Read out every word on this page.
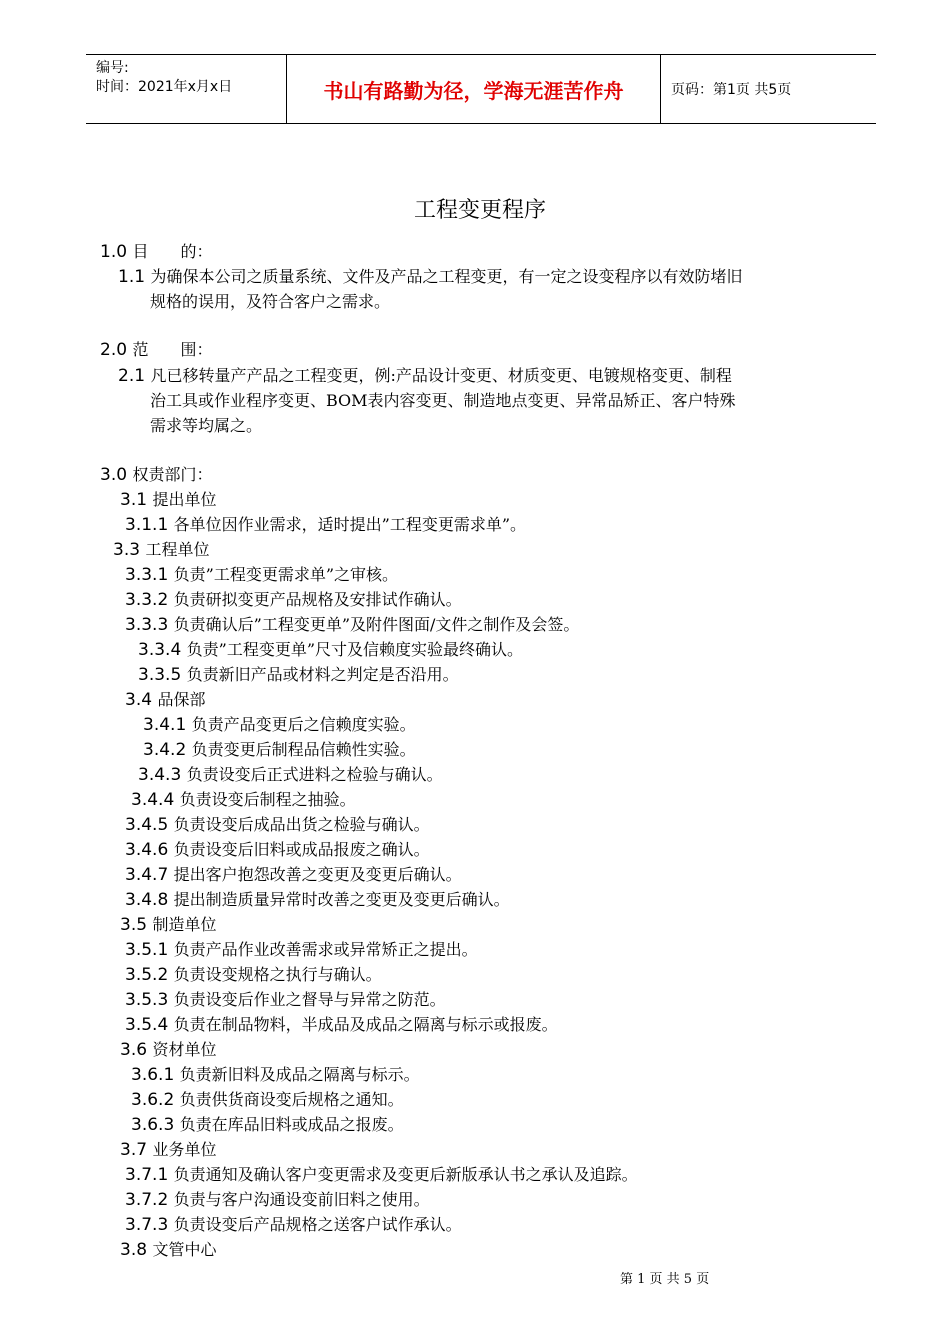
编号:
时间：2021年x月x日	书山有路勤为径，学海无涯苦作舟	页码：第1页 共5页
工程变更程序
1.0 目　　的：
1.1 为确保本公司之质量系统、文件及产品之工程变更，有一定之设变程序以有效防堵旧
规格的误用，及符合客户之需求。
2.0 范　　围：
2.1 凡已移转量产产品之工程变更，例:产品设计变更、材质变更、电镀规格变更、制程
治工具或作业程序变更、BOM表内容变更、制造地点变更、异常品矫正、客户特殊
需求等均属之。
3.0 权责部门：
3.1 提出单位
3.1.1 各单位因作业需求，适时提出”工程变更需求单”。
3.3 工程单位
3.3.1 负责”工程变更需求单”之审核。
3.3.2 负责研拟变更产品规格及安排试作确认。
3.3.3 负责确认后”工程变更单”及附件图面/文件之制作及会签。
3.3.4 负责”工程变更单”尺寸及信赖度实验最终确认。
3.3.5 负责新旧产品或材料之判定是否沿用。
3.4 品保部
3.4.1 负责产品变更后之信赖度实验。
3.4.2 负责变更后制程品信赖性实验。
3.4.3 负责设变后正式进料之检验与确认。
3.4.4 负责设变后制程之抽验。
3.4.5 负责设变后成品出货之检验与确认。
3.4.6 负责设变后旧料或成品报废之确认。
3.4.7 提出客户抱怨改善之变更及变更后确认。
3.4.8 提出制造质量异常时改善之变更及变更后确认。
3.5 制造单位
3.5.1 负责产品作业改善需求或异常矫正之提出。
3.5.2 负责设变规格之执行与确认。
3.5.3 负责设变后作业之督导与异常之防范。
3.5.4 负责在制品物料，半成品及成品之隔离与标示或报废。
3.6 资材单位
3.6.1 负责新旧料及成品之隔离与标示。
3.6.2 负责供货商设变后规格之通知。
3.6.3 负责在库品旧料或成品之报废。
3.7 业务单位
3.7.1 负责通知及确认客户变更需求及变更后新版承认书之承认及追踪。
3.7.2 负责与客户沟通设变前旧料之使用。
3.7.3 负责设变后产品规格之送客户试作承认。
3.8 文管中心
第 1 页 共 5 页
